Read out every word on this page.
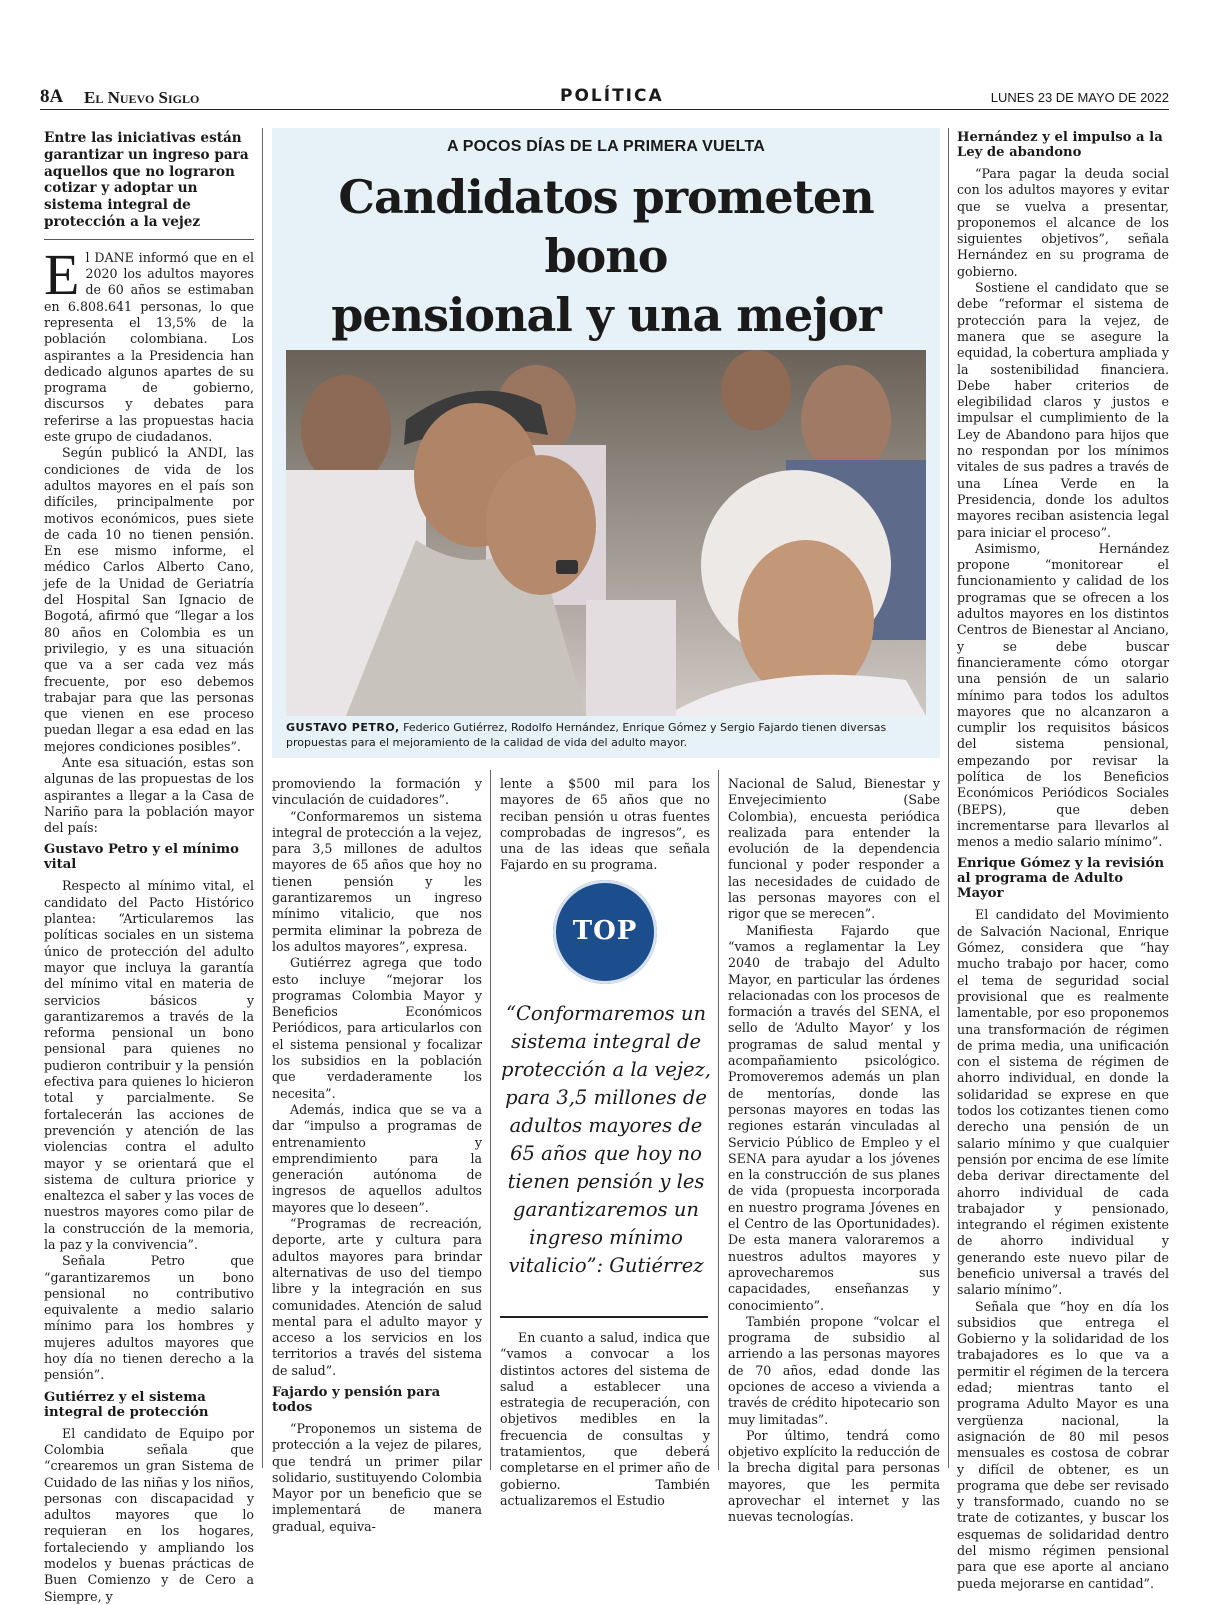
8A El Nuevo Siglo	POLÍTICA	LUNES 23 DE MAYO DE 2022
Entre las iniciativas están garantizar un ingreso para aquellos que no lograron cotizar y adoptar un sistema integral de protección a la vejez

El DANE informó que en el 2020 los adultos mayores de 60 años se estimaban en 6.808.641 personas, lo que representa el 13,5% de la población colombiana. Los aspirantes a la Presidencia han dedicado algunos apartes de su programa de gobierno, discursos y debates para referirse a las propuestas hacia este grupo de ciudadanos.

Según publicó la ANDI, las condiciones de vida de los adultos mayores en el país son difíciles, principalmente por motivos económicos, pues siete de cada 10 no tienen pensión. En ese mismo informe, el médico Carlos Alberto Cano, jefe de la Unidad de Geriatría del Hospital San Ignacio de Bogotá, afirmó que “llegar a los 80 años en Colombia es un privilegio, y es una situación que va a ser cada vez más frecuente, por eso debemos trabajar para que las personas que vienen en ese proceso puedan llegar a esa edad en las mejores condiciones posibles”.

Ante esa situación, estas son algunas de las propuestas de los aspirantes a llegar a la Casa de Nariño para la población mayor del país:

Gustavo Petro y el mínimo vital

Respecto al mínimo vital, el candidato del Pacto Histórico plantea: “Articularemos las políticas sociales en un sistema único de protección del adulto mayor que incluya la garantía del mínimo vital en materia de servicios básicos y garantizaremos a través de la reforma pensional un bono pensional para quienes no pudieron contribuir y la pensión efectiva para quienes lo hicieron total y parcialmente. Se fortalecerán las acciones de prevención y atención de las violencias contra el adulto mayor y se orientará que el sistema de cultura priorice y enaltezca el saber y las voces de nuestros mayores como pilar de la construcción de la memoria, la paz y la convivencia”.

Señala Petro que “garantizaremos un bono pensional no contributivo equivalente a medio salario mínimo para los hombres y mujeres adultos mayores que hoy día no tienen derecho a la pensión”.

Gutiérrez y el sistema integral de protección

El candidato de Equipo por Colombia señala que “crearemos un gran Sistema de Cuidado de las niñas y los niños, personas con discapacidad y adultos mayores que lo requieran en los hogares, fortaleciendo y ampliando los modelos y buenas prácticas de Buen Comienzo y de Cero a Siempre, y

A POCOS DÍAS DE LA PRIMERA VUELTA
Candidatos prometen bono
pensional y una mejor
GUSTAVO PETRO, Federico Gutiérrez, Rodolfo Hernández, Enrique Gómez y Sergio Fajardo tienen diversas propuestas para el mejoramiento de la calidad de vida del adulto mayor.

promoviendo la formación y vinculación de cuidadores”.

“Conformaremos un sistema integral de protección a la vejez, para 3,5 millones de adultos mayores de 65 años que hoy no tienen pensión y les garantizaremos un ingreso mínimo vitalicio, que nos permita eliminar la pobreza de los adultos mayores”, expresa.

Gutiérrez agrega que todo esto incluye “mejorar los programas Colombia Mayor y Beneficios Económicos Periódicos, para articularlos con el sistema pensional y focalizar los subsidios en la población que verdaderamente los necesita”.

Además, indica que se va a dar “impulso a programas de entrenamiento y emprendimiento para la generación autónoma de ingresos de aquellos adultos mayores que lo deseen”.

“Programas de recreación, deporte, arte y cultura para adultos mayores para brindar alternativas de uso del tiempo libre y la integración en sus comunidades. Atención de salud mental para el adulto mayor y acceso a los servicios en los territorios a través del sistema de salud”.

Fajardo y pensión para todos

“Proponemos un sistema de protección a la vejez de pilares, que tendrá un primer pilar solidario, sustituyendo Colombia Mayor por un beneficio que se implementará de manera gradual, equiva-

lente a $500 mil para los mayores de 65 años que no reciban pensión u otras fuentes comprobadas de ingresos”, es una de las ideas que señala Fajardo en su programa.

TOP
“Conformaremos un sistema integral de protección a la vejez, para 3,5 millones de adultos mayores de 65 años que hoy no tienen pensión y les garantizaremos un ingreso mínimo vitalicio”: Gutiérrez

En cuanto a salud, indica que “vamos a convocar a los distintos actores del sistema de salud a establecer una estrategia de recuperación, con objetivos medibles en la frecuencia de consultas y tratamientos, que deberá completarse en el primer año de gobierno. También actualizaremos el Estudio

Nacional de Salud, Bienestar y Envejecimiento (Sabe Colombia), encuesta periódica realizada para entender la evolución de la dependencia funcional y poder responder a las necesidades de cuidado de las personas mayores con el rigor que se merecen”.

Manifiesta Fajardo que “vamos a reglamentar la Ley 2040 de trabajo del Adulto Mayor, en particular las órdenes relacionadas con los procesos de formación a través del SENA, el sello de ‘Adulto Mayor’ y los programas de salud mental y acompañamiento psicológico. Promoveremos además un plan de mentorías, donde las personas mayores en todas las regiones estarán vinculadas al Servicio Público de Empleo y el SENA para ayudar a los jóvenes en la construcción de sus planes de vida (propuesta incorporada en nuestro programa Jóvenes en el Centro de las Oportunidades). De esta manera valoraremos a nuestros adultos mayores y aprovecharemos sus capacidades, enseñanzas y conocimiento”.

También propone “volcar el programa de subsidio al arriendo a las personas mayores de 70 años, edad donde las opciones de acceso a vivienda a través de crédito hipotecario son muy limitadas”.

Por último, tendrá como objetivo explícito la reducción de la brecha digital para personas mayores, que les permita aprovechar el internet y las nuevas tecnologías.

Hernández y el impulso a la Ley de abandono

“Para pagar la deuda social con los adultos mayores y evitar que se vuelva a presentar, proponemos el alcance de los siguientes objetivos”, señala Hernández en su programa de gobierno.

Sostiene el candidato que se debe “reformar el sistema de protección para la vejez, de manera que se asegure la equidad, la cobertura ampliada y la sostenibilidad financiera. Debe haber criterios de elegibilidad claros y justos e impulsar el cumplimiento de la Ley de Abandono para hijos que no respondan por los mínimos vitales de sus padres a través de una Línea Verde en la Presidencia, donde los adultos mayores reciban asistencia legal para iniciar el proceso”.

Asimismo, Hernández propone “monitorear el funcionamiento y calidad de los programas que se ofrecen a los adultos mayores en los distintos Centros de Bienestar al Anciano, y se debe buscar financieramente cómo otorgar una pensión de un salario mínimo para todos los adultos mayores que no alcanzaron a cumplir los requisitos básicos del sistema pensional, empezando por revisar la política de los Beneficios Económicos Periódicos Sociales (BEPS), que deben incrementarse para llevarlos al menos a medio salario mínimo”.

Enrique Gómez y la revisión al programa de Adulto Mayor

El candidato del Movimiento de Salvación Nacional, Enrique Gómez, considera que “hay mucho trabajo por hacer, como el tema de seguridad social provisional que es realmente lamentable, por eso proponemos una transformación de régimen de prima media, una unificación con el sistema de régimen de ahorro individual, en donde la solidaridad se exprese en que todos los cotizantes tienen como derecho una pensión de un salario mínimo y que cualquier pensión por encima de ese límite deba derivar directamente del ahorro individual de cada trabajador y pensionado, integrando el régimen existente de ahorro individual y generando este nuevo pilar de beneficio universal a través del salario mínimo”.

Señala que “hoy en día los subsidios que entrega el Gobierno y la solidaridad de los trabajadores es lo que va a permitir el régimen de la tercera edad; mientras tanto el programa Adulto Mayor es una vergüenza nacional, la asignación de 80 mil pesos mensuales es costosa de cobrar y difícil de obtener, es un programa que debe ser revisado y transformado, cuando no se trate de cotizantes, y buscar los esquemas de solidaridad dentro del mismo régimen pensional para que ese aporte al anciano pueda mejorarse en cantidad”.
